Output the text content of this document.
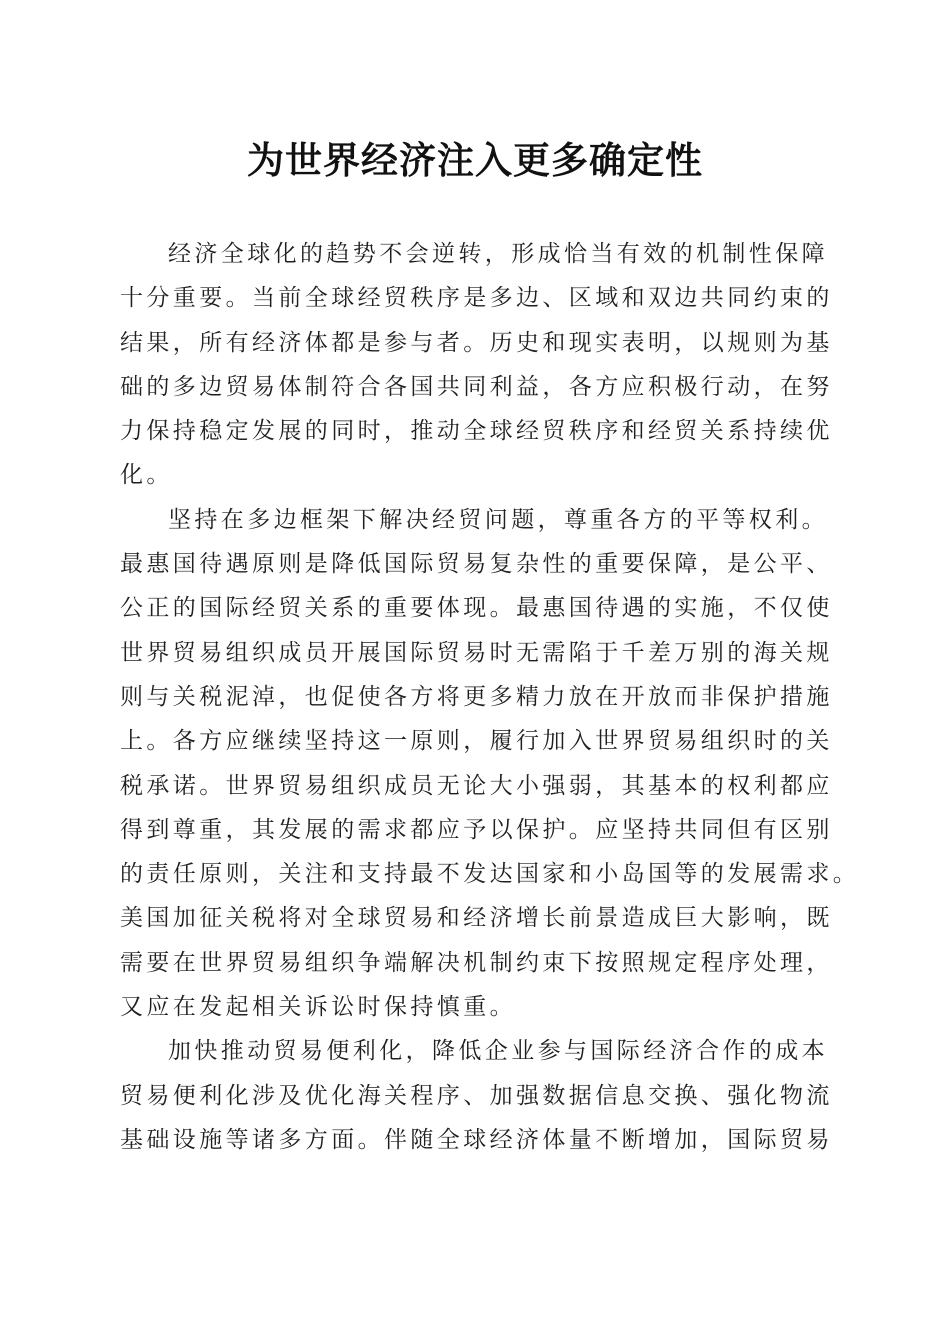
为世界经济注入更多确定性
经济全球化的趋势不会逆转，形成恰当有效的机制性保障
十分重要。当前全球经贸秩序是多边、区域和双边共同约束的
结果，所有经济体都是参与者。历史和现实表明，以规则为基
础的多边贸易体制符合各国共同利益，各方应积极行动，在努
力保持稳定发展的同时，推动全球经贸秩序和经贸关系持续优
化。
坚持在多边框架下解决经贸问题，尊重各方的平等权利。
最惠国待遇原则是降低国际贸易复杂性的重要保障，是公平、
公正的国际经贸关系的重要体现。最惠国待遇的实施，不仅使
世界贸易组织成员开展国际贸易时无需陷于千差万别的海关规
则与关税泥淖，也促使各方将更多精力放在开放而非保护措施
上。各方应继续坚持这一原则，履行加入世界贸易组织时的关
税承诺。世界贸易组织成员无论大小强弱，其基本的权利都应
得到尊重，其发展的需求都应予以保护。应坚持共同但有区别
的责任原则，关注和支持最不发达国家和小岛国等的发展需求。
美国加征关税将对全球贸易和经济增长前景造成巨大影响，既
需要在世界贸易组织争端解决机制约束下按照规定程序处理，
又应在发起相关诉讼时保持慎重。
加快推动贸易便利化，降低企业参与国际经济合作的成本
贸易便利化涉及优化海关程序、加强数据信息交换、强化物流
基础设施等诸多方面。伴随全球经济体量不断增加，国际贸易
